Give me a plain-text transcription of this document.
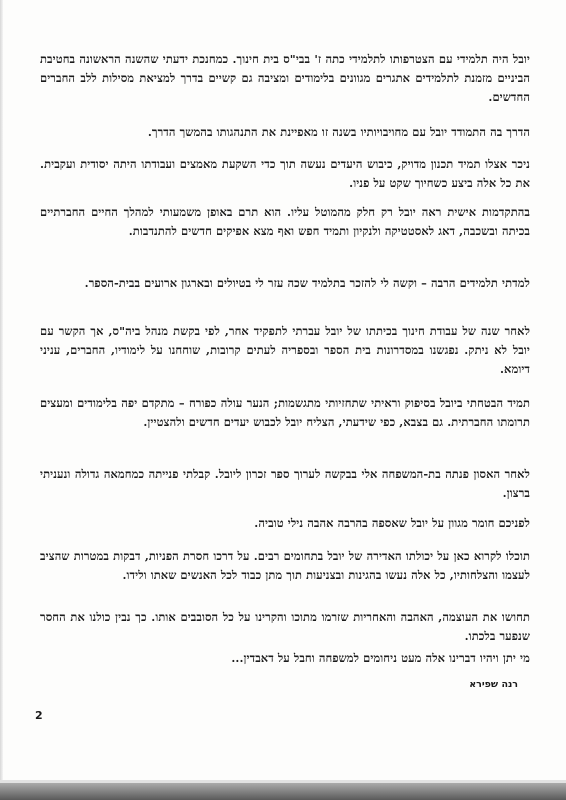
יובל היה תלמידי עם הצטרפותו לתלמידי כתה ז' בבי"ס בית חינוך. כמחנכת ידעתי שהשנה הראשונה בחטיבת הביניים מזמנת לתלמידים אתגרים מגוונים בלימודים ומציבה גם קשיים בדרך למציאת מסילות ללב החברים החדשים.

הדרך בה התמודד יובל עם מחויבויותיו בשנה זו מאפיינת את התנהגותו בהמשך הדרך.

ניכר אצלו תמיד תכנון מדויק, כיבוש היעדים נעשה תוך כדי השקעת מאמצים ועבודתו היתה יסודית ועקבית. את כל אלה ביצע כשחיוך שקט על פניו.

בהתקדמות אישית ראה יובל רק חלק מהמוטל עליו. הוא תרם באופן משמעותי למהלך החיים החברתיים בכיתה ובשכבה, דאג לאסטטיקה ולנקיון ותמיד חפש ואף מצא אפיקים חדשים להתנדבות.

למדתי תלמידים הרבה – וקשה לי להזכר בתלמיד שכה עזר לי בטיולים ובארגון ארועים בבית-הספר.

לאחר שנה של עבודת חינוך בכיתתו של יובל עברתי לתפקיד אחר, לפי בקשת מנהל ביה"ס, אך הקשר עם יובל לא ניתק. נפגשנו במסדרונות בית הספר ובספריה לעתים קרובות, שוחחנו על לימודיו, החברים, עניני דיומא.

תמיד הבטחתי ביובל בסיפוק וראיתי שתחזיותי מתגשמות; הנער עולה כפורח – מתקדם יפה בלימודים ומעצים תרומתו החברתית. גם בצבא, כפי שידעתי, הצליח יובל לכבוש יעדים חדשים ולהצטיין.

לאחר האסון פנתה בת-המשפחה אלי בבקשה לערוך ספר זכרון ליובל. קבלתי פנייתה כמחמאה גדולה ונעניתי ברצון.

לפניכם חומר מגוון על יובל שאספה בהרבה אהבה נילי טוביה.

תוכלו לקרוא כאן על יכולתו האדירה של יובל בתחומים רבים. על דרכו חסרת הפניות, דבקות במטרות שהציב לעצמו והצלחותיו, כל אלה נעשו בהגינות ובצניעות תוך מתן כבוד לכל האנשים שאתו ולידו.

תחושו את העוצמה, האהבה והאחריות שזרמו מתוכו והקרינו על כל הסובבים אותו. כך נבין כולנו את החסר שנפער בלכתו.

מי יתן ויהיו דברינו אלה מעט ניחומים למשפחה וחבל על דאבדין...

רנה שפירא
2
